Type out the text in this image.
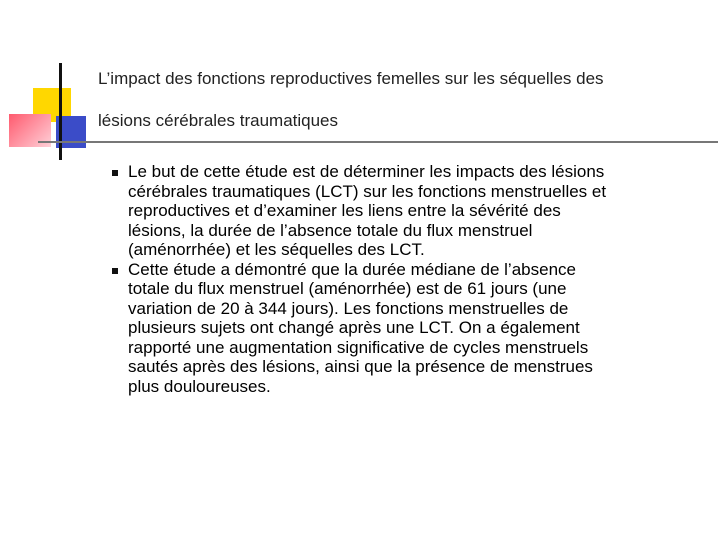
L’impact des fonctions reproductives femelles sur les séquelles des
lésions cérébrales traumatiques
Le but de cette étude est de déterminer les impacts des lésions
cérébrales traumatiques (LCT) sur les fonctions menstruelles et
reproductives et d’examiner les liens entre la sévérité des
lésions, la durée de l’absence totale du flux menstruel
(aménorrhée) et les séquelles des LCT.
Cette étude a démontré que la durée médiane de l’absence
totale du flux menstruel (aménorrhée) est de 61 jours (une
variation de 20 à 344 jours). Les fonctions menstruelles de
plusieurs sujets ont changé après une LCT. On a également
rapporté une augmentation significative de cycles menstruels
sautés après des lésions, ainsi que la présence de menstrues
plus douloureuses.
